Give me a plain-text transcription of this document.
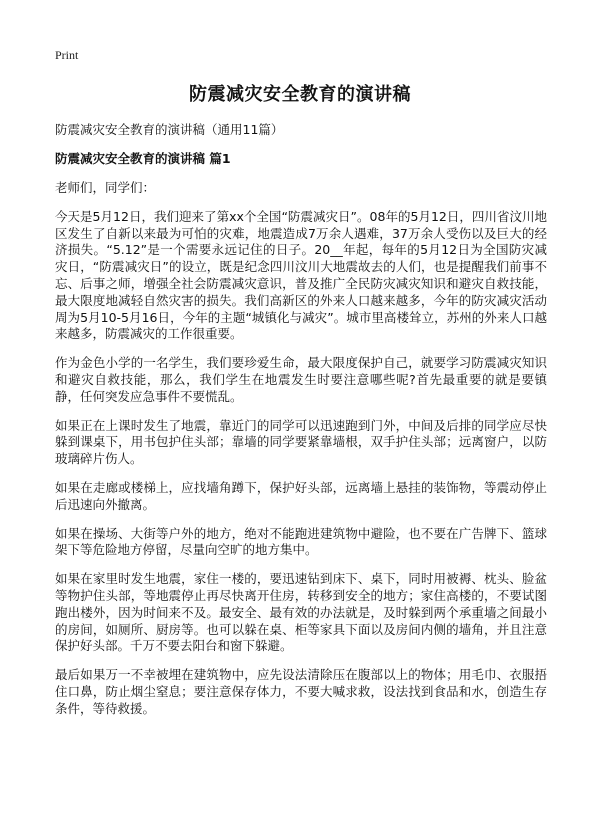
Print
防震减灾安全教育的演讲稿

防震减灾安全教育的演讲稿（通用11篇）

防震减灾安全教育的演讲稿 篇1

老师们，同学们：

今天是5月12日，我们迎来了第xx个全国“防震减灾日”。08年的5月12日，四川省汶川地区发生了自新以来最为可怕的灾难，地震造成7万余人遇难，37万余人受伤以及巨大的经济损失。“5.12”是一个需要永远记住的日子。20__年起，每年的5月12日为全国防灾减灾日，“防震减灾日”的设立，既是纪念四川汶川大地震故去的人们，也是提醒我们前事不忘、后事之师，增强全社会防震减灾意识，普及推广全民防灾减灾知识和避灾自救技能，最大限度地减轻自然灾害的损失。我们高新区的外来人口越来越多，今年的防灾减灾活动周为5月10-5月16日，今年的主题“城镇化与减灾”。城市里高楼耸立，苏州的外来人口越来越多，防震减灾的工作很重要。

作为金色小学的一名学生，我们要珍爱生命，最大限度保护自己，就要学习防震减灾知识和避灾自救技能，那么，我们学生在地震发生时要注意哪些呢?首先最重要的就是要镇静，任何突发应急事件不要慌乱。

如果正在上课时发生了地震，靠近门的同学可以迅速跑到门外，中间及后排的同学应尽快躲到课桌下，用书包护住头部；靠墙的同学要紧靠墙根，双手护住头部；远离窗户，以防玻璃碎片伤人。

如果在走廊或楼梯上，应找墙角蹲下，保护好头部，远离墙上悬挂的装饰物，等震动停止后迅速向外撤离。

如果在操场、大街等户外的地方，绝对不能跑进建筑物中避险，也不要在广告牌下、篮球架下等危险地方停留，尽量向空旷的地方集中。

如果在家里时发生地震，家住一楼的，要迅速钻到床下、桌下，同时用被褥、枕头、脸盆等物护住头部，等地震停止再尽快离开住房，转移到安全的地方；家住高楼的，不要试图跑出楼外，因为时间来不及。最安全、最有效的办法就是，及时躲到两个承重墙之间最小的房间，如厕所、厨房等。也可以躲在桌、柜等家具下面以及房间内侧的墙角，并且注意保护好头部。千万不要去阳台和窗下躲避。

最后如果万一不幸被埋在建筑物中，应先设法清除压在腹部以上的物体；用毛巾、衣服捂住口鼻，防止烟尘窒息；要注意保存体力，不要大喊求救，设法找到食品和水，创造生存条件，等待救援。
